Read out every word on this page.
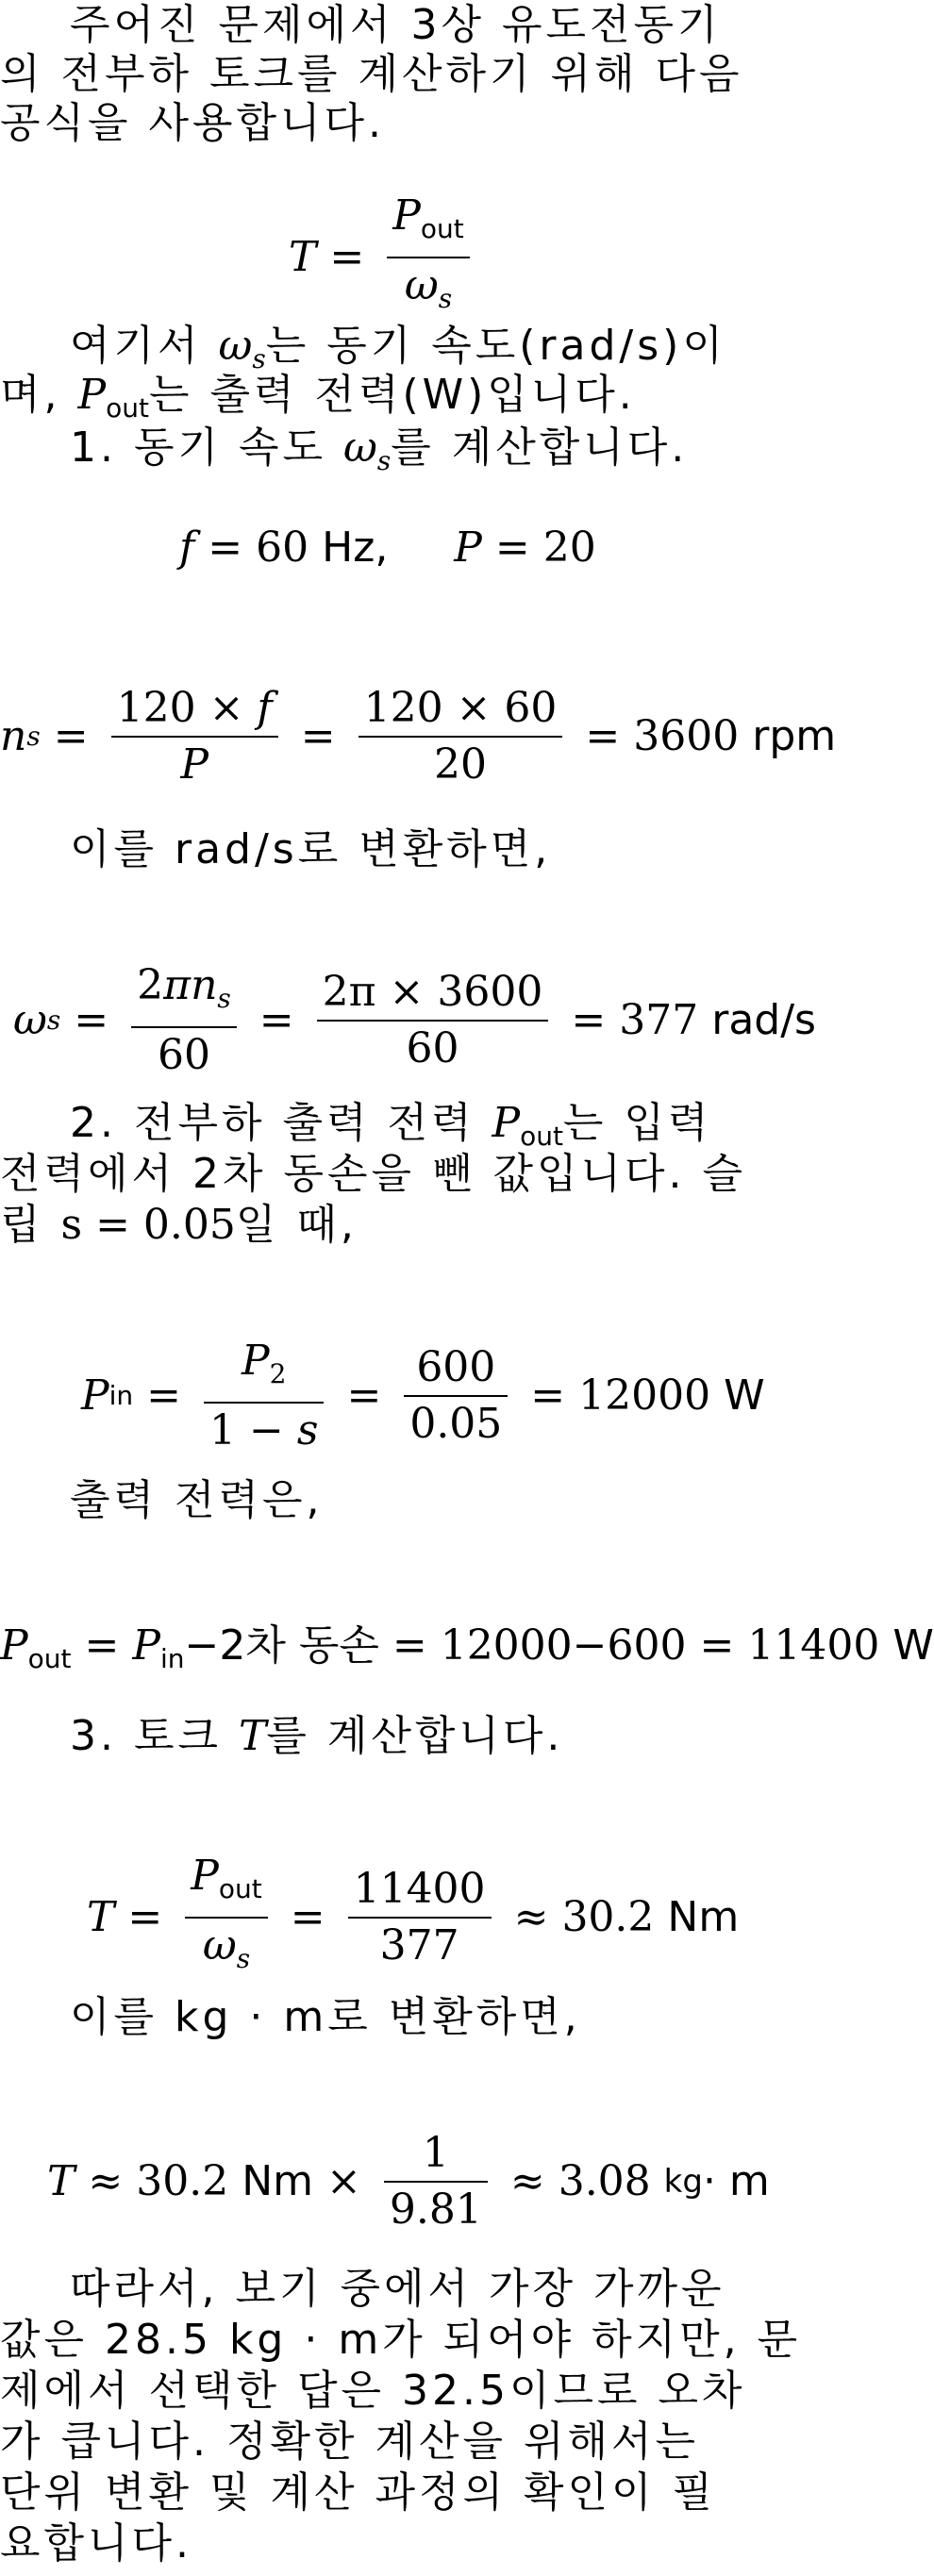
주어진 문제에서 3상 유도전동기
의 전부하 토크를 계산하기 위해 다음
공식을 사용합니다.
$T = \frac{P_{out}}{\omega_s}$
여기서 $\omega_s$는 동기 속도(rad/s)이
며, $P_{out}$는 출력 전력(W)입니다.
1. 동기 속도 $\omega_s$를 계산합니다.
f = 60 Hz, P = 20
n $s = \frac{120 \times f}{P} = \frac{120 \times 60}{20} = 3600$
rpm
이를 rad/s로 변환하면,
ω $s = \frac{2\pi n_s}{60} = \frac{2\pi \times 3600}{60} = 377$
rad/s
2. 전부하 출력 전력 $P_{out}$는 입력
전력에서 2차 동손을 뺀 값입니다. 슬
립 s = 0.05일 때,
P in = $\frac{P_2}{1 - s} = \frac{600}{0.05} = 12000$
W
출력 전력은,
$P_{out} = P_{in}-2$차 동손 = 12000−600 = 11400 W
3. 토크 T를 계산합니다.
$T = \frac{P_{out}}{\omega_s} = \frac{11400}{377} \approx 30.2$
Nm
이를 kg · m로 변환하면,
T ≈ 30.2
$Nm \times \frac{1}{9.81} \approx 3.08$
kg · m
따라서, 보기 중에서 가장 가까운
값은 28.5 kg · m가 되어야 하지만, 문
제에서 선택한 답은 32.5이므로 오차
가 큽니다. 정확한 계산을 위해서는
단위 변환 및 계산 과정의 확인이 필
요합니다.
